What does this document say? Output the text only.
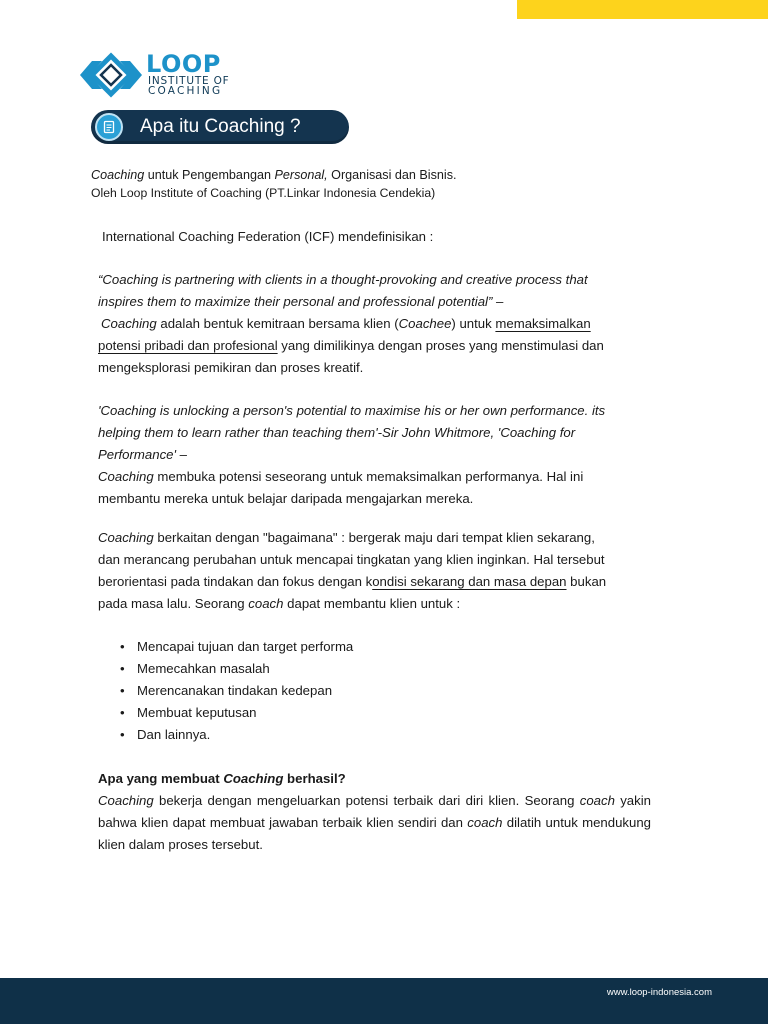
LOOP
INSTITUTE OF
COACHING
Apa itu Coaching ?
Coaching untuk Pengembangan Personal, Organisasi dan Bisnis.
Oleh Loop Institute of Coaching (PT.Linkar Indonesia Cendekia)
International Coaching Federation (ICF) mendefinisikan :
“Coaching is partnering with clients in a thought-provoking and creative process that
inspires them to maximize their personal and professional potential” –
Coaching adalah bentuk kemitraan bersama klien (Coachee) untuk memaksimalkan
potensi pribadi dan profesional yang dimilikinya dengan proses yang menstimulasi dan
mengeksplorasi pemikiran dan proses kreatif.
'Coaching is unlocking a person's potential to maximise his or her own performance. its
helping them to learn rather than teaching them'-Sir John Whitmore, 'Coaching for
Performance' –
Coaching membuka potensi seseorang untuk memaksimalkan performanya. Hal ini
membantu mereka untuk belajar daripada mengajarkan mereka.
Coaching berkaitan dengan "bagaimana" : bergerak maju dari tempat klien sekarang,
dan merancang perubahan untuk mencapai tingkatan yang klien inginkan. Hal tersebut
berorientasi pada tindakan dan fokus dengan kondisi sekarang dan masa depan bukan
pada masa lalu. Seorang coach dapat membantu klien untuk :
• Mencapai tujuan dan target performa
• Memecahkan masalah
• Merencanakan tindakan kedepan
• Membuat keputusan
• Dan lainnya.
Apa yang membuat Coaching berhasil?
Coaching bekerja dengan mengeluarkan potensi terbaik dari diri klien. Seorang coach yakin bahwa klien dapat membuat jawaban terbaik klien sendiri dan coach dilatih untuk mendukung klien dalam proses tersebut.
www.loop-indonesia.com
